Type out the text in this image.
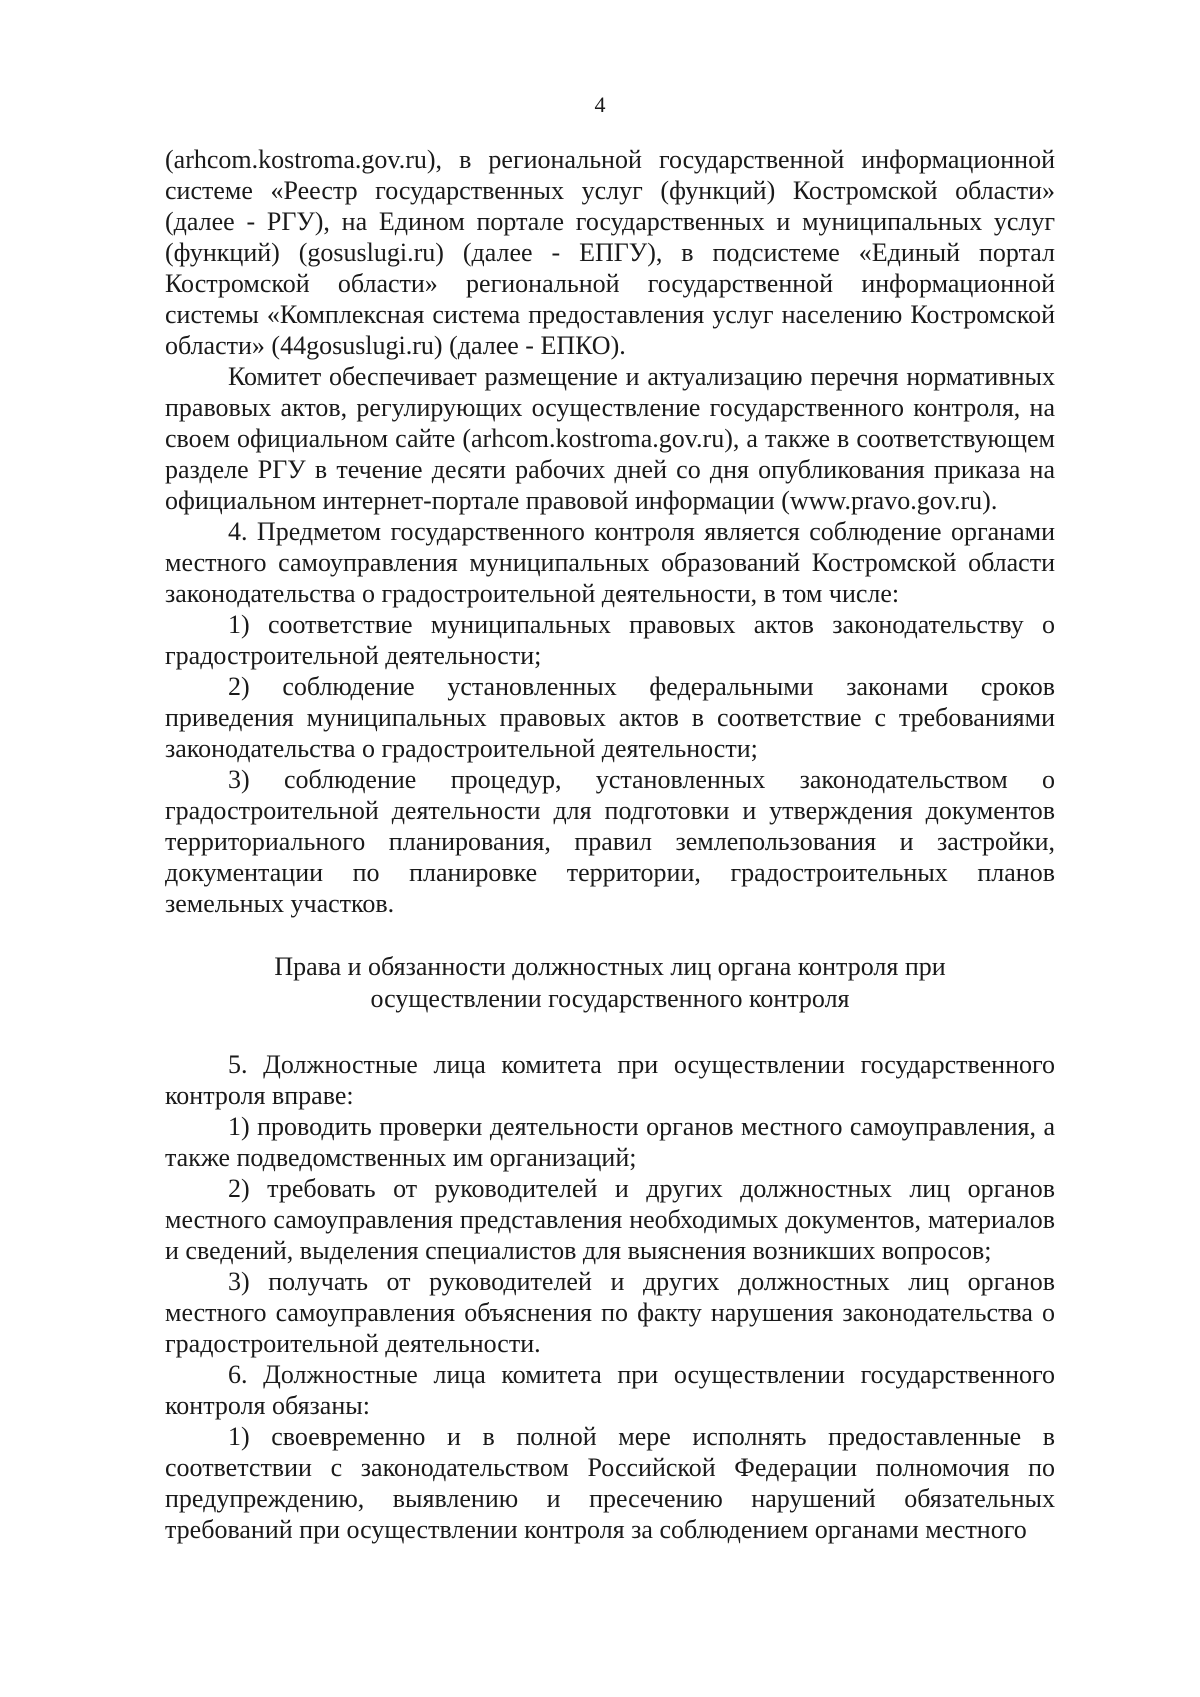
4

(arhcom.kostroma.gov.ru), в региональной государственной информационной системе «Реестр государственных услуг (функций) Костромской области» (далее - РГУ), на Едином портале государственных и муниципальных услуг (функций) (gosuslugi.ru) (далее - ЕПГУ), в подсистеме «Единый портал Костромской области» региональной государственной информационной системы «Комплексная система предоставления услуг населению Костромской области» (44gosuslugi.ru) (далее - ЕПКО).

Комитет обеспечивает размещение и актуализацию перечня нормативных правовых актов, регулирующих осуществление государственного контроля, на своем официальном сайте (arhcom.kostroma.gov.ru), а также в соответствующем разделе РГУ в течение десяти рабочих дней со дня опубликования приказа на официальном интернет-портале правовой информации (www.pravo.gov.ru).

4. Предметом государственного контроля является соблюдение органами местного самоуправления муниципальных образований Костромской области законодательства о градостроительной деятельности, в том числе:

1) соответствие муниципальных правовых актов законодательству о градостроительной деятельности;

2) соблюдение установленных федеральными законами сроков приведения муниципальных правовых актов в соответствие с требованиями законодательства о градостроительной деятельности;

3) соблюдение процедур, установленных законодательством о градостроительной деятельности для подготовки и утверждения документов территориального планирования, правил землепользования и застройки, документации по планировке территории, градостроительных планов земельных участков.

Права и обязанности должностных лиц органа контроля при
осуществлении государственного контроля

5. Должностные лица комитета при осуществлении государственного контроля вправе:

1) проводить проверки деятельности органов местного самоуправления, а также подведомственных им организаций;

2) требовать от руководителей и других должностных лиц органов местного самоуправления представления необходимых документов, материалов и сведений, выделения специалистов для выяснения возникших вопросов;

3) получать от руководителей и других должностных лиц органов местного самоуправления объяснения по факту нарушения законодательства о градостроительной деятельности.

6. Должностные лица комитета при осуществлении государственного контроля обязаны:

1) своевременно и в полной мере исполнять предоставленные в соответствии с законодательством Российской Федерации полномочия по предупреждению, выявлению и пресечению нарушений обязательных требований при осуществлении контроля за соблюдением органами местного
